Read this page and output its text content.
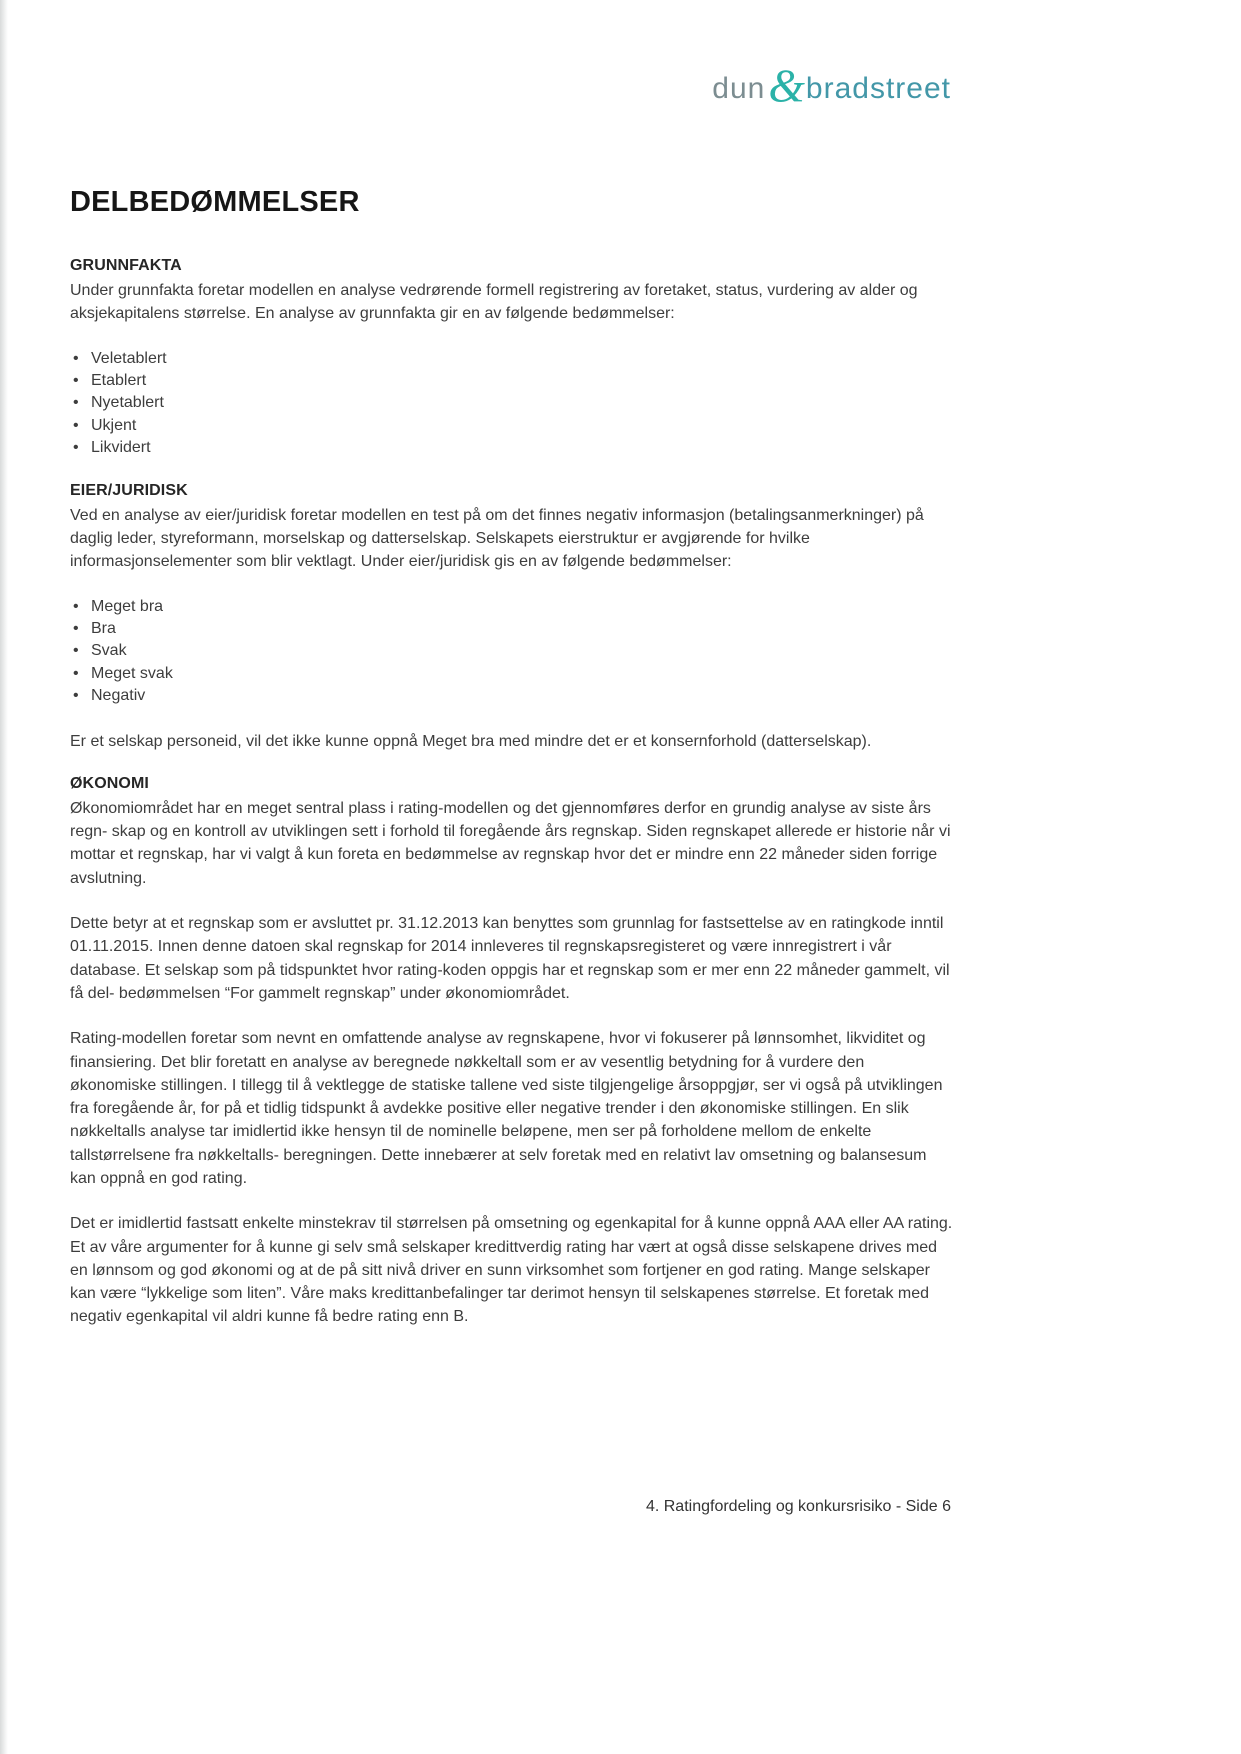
dun & bradstreet
DELBEDØMMELSER
GRUNNFAKTA

Under grunnfakta foretar modellen en analyse vedrørende formell registrering av foretaket, status, vurdering av alder og aksjekapitalens størrelse. En analyse av grunnfakta gir en av følgende bedømmelser:

• Veletablert
• Etablert
• Nyetablert
• Ukjent
• Likvidert
EIER/JURIDISK

Ved en analyse av eier/juridisk foretar modellen en test på om det finnes negativ informasjon (betalingsanmerkninger) på daglig leder, styreformann, morselskap og datterselskap. Selskapets eierstruktur er avgjørende for hvilke informasjonselementer som blir vektlagt. Under eier/juridisk gis en av følgende bedømmelser:

• Meget bra
• Bra
• Svak
• Meget svak
• Negativ

Er et selskap personeid, vil det ikke kunne oppnå Meget bra med mindre det er et konsernforhold (datterselskap).

ØKONOMI

Økonomiområdet har en meget sentral plass i rating-modellen og det gjennomføres derfor en grundig analyse av siste års regn- skap og en kontroll av utviklingen sett i forhold til foregående års regnskap. Siden regnskapet allerede er historie når vi mottar et regnskap, har vi valgt å kun foreta en bedømmelse av regnskap hvor det er mindre enn 22 måneder siden forrige avslutning.

Dette betyr at et regnskap som er avsluttet pr. 31.12.2013 kan benyttes som grunnlag for fastsettelse av en ratingkode inntil 01.11.2015. Innen denne datoen skal regnskap for 2014 innleveres til regnskapsregisteret og være innregistrert i vår database. Et selskap som på tidspunktet hvor rating-koden oppgis har et regnskap som er mer enn 22 måneder gammelt, vil få del- bedømmelsen “For gammelt regnskap” under økonomiområdet.

Rating-modellen foretar som nevnt en omfattende analyse av regnskapene, hvor vi fokuserer på lønnsomhet, likviditet og finansiering. Det blir foretatt en analyse av beregnede nøkkeltall som er av vesentlig betydning for å vurdere den økonomiske stillingen. I tillegg til å vektlegge de statiske tallene ved siste tilgjengelige årsoppgjør, ser vi også på utviklingen fra foregående år, for på et tidlig tidspunkt å avdekke positive eller negative trender i den økonomiske stillingen. En slik nøkkeltalls analyse tar imidlertid ikke hensyn til de nominelle beløpene, men ser på forholdene mellom de enkelte tallstørrelsene fra nøkkeltalls- beregningen. Dette innebærer at selv foretak med en relativt lav omsetning og balansesum kan oppnå en god rating.

Det er imidlertid fastsatt enkelte minstekrav til størrelsen på omsetning og egenkapital for å kunne oppnå AAA eller AA rating. Et av våre argumenter for å kunne gi selv små selskaper kredittverdig rating har vært at også disse selskapene drives med en lønnsom og god økonomi og at de på sitt nivå driver en sunn virksomhet som fortjener en god rating. Mange selskaper kan være “lykkelige som liten”. Våre maks kredittanbefalinger tar derimot hensyn til selskapenes størrelse. Et foretak med negativ egenkapital vil aldri kunne få bedre rating enn B.

4. Ratingfordeling og konkursrisiko - Side 6
